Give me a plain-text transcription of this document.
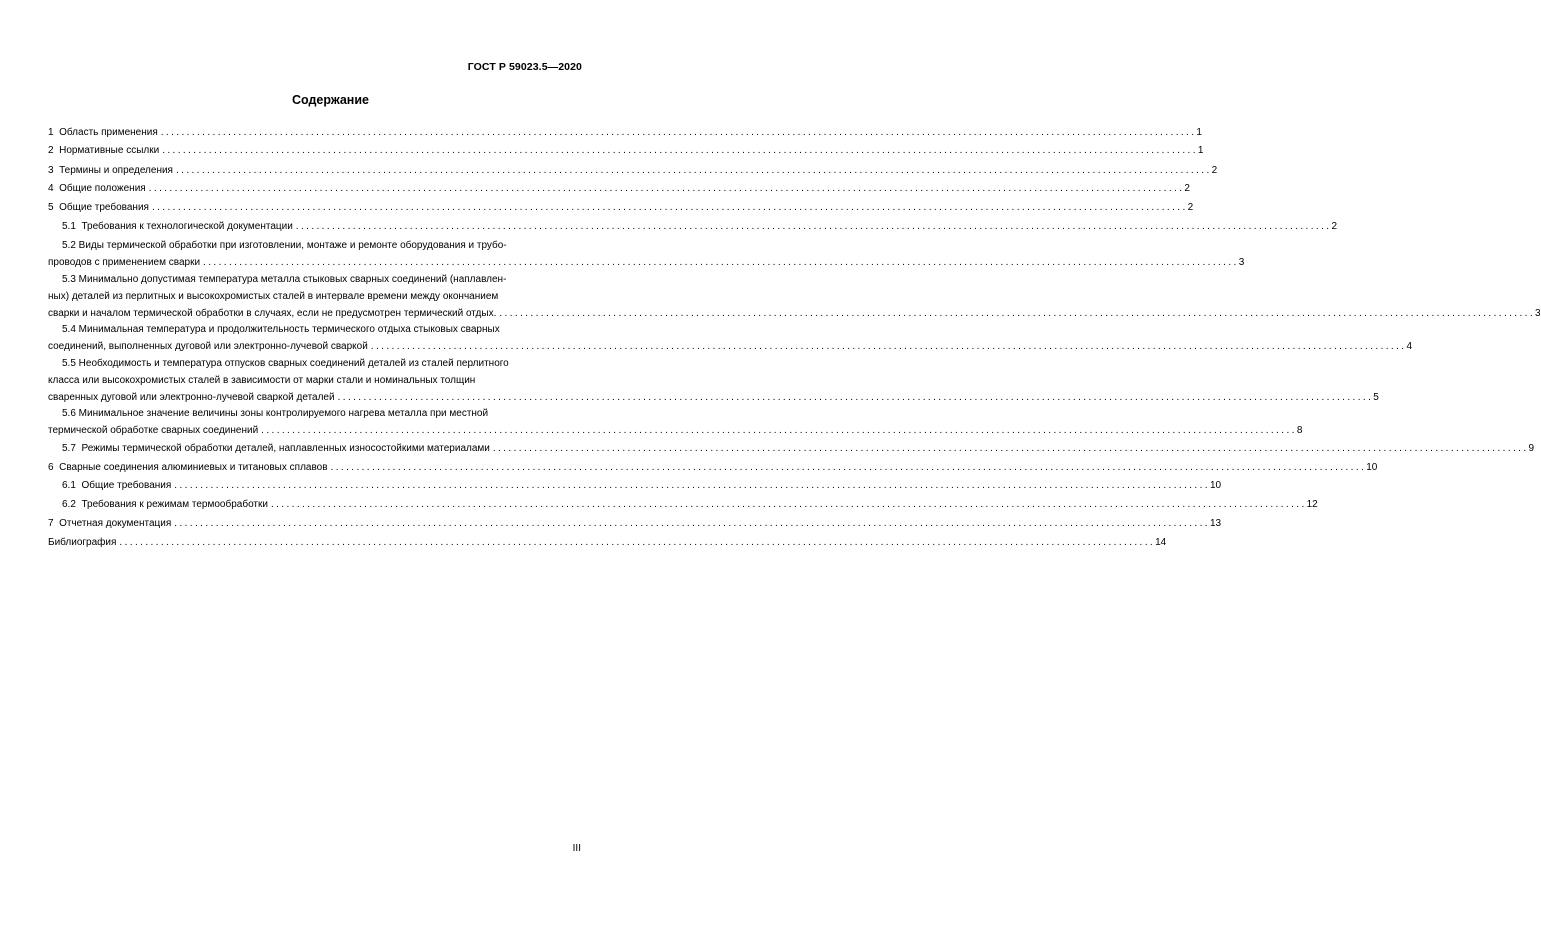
ГОСТ Р 59023.5—2020
Содержание
1  Область применения ........................................................................................................................................................................................................ 1
2  Нормативные ссылки ........................................................................................................................................................................................................ 1
3  Термины и определения ........................................................................................................................................................................................................ 2
4  Общие положения ........................................................................................................................................................................................................ 2
5  Общие требования ........................................................................................................................................................................................................ 2
5.1  Требования к технологической документации ........................................................................................................................................................................................................ 2
5.2 Виды термической обработки при изготовлении, монтаже и ремонте оборудования и трубо-
проводов с применением сварки ........................................................................................................................................................................................................ 3
5.3 Минимально допустимая температура металла стыковых сварных соединений (наплавлен-
ных) деталей из перлитных и высокохромистых сталей в интервале времени между окончанием
сварки и началом термической обработки в случаях, если не предусмотрен термический отдых. ........................................................................................................................................................................................................ 3
5.4 Минимальная температура и продолжительность термического отдыха стыковых сварных
соединений, выполненных дуговой или электронно-лучевой сваркой ........................................................................................................................................................................................................ 4
5.5 Необходимость и температура отпусков сварных соединений деталей из сталей перлитного
класса или высокохромистых сталей в зависимости от марки стали и номинальных толщин
сваренных дуговой или электронно-лучевой сваркой деталей ........................................................................................................................................................................................................ 5
5.6 Минимальное значение величины зоны контролируемого нагрева металла при местной
термической обработке сварных соединений ........................................................................................................................................................................................................ 8
5.7  Режимы термической обработки деталей, наплавленных износостойкими материалами ........................................................................................................................................................................................................ 9
6  Сварные соединения алюминиевых и титановых сплавов ........................................................................................................................................................................................................ 10
6.1  Общие требования ........................................................................................................................................................................................................ 10
6.2  Требования к режимам термообработки ........................................................................................................................................................................................................ 12
7  Отчетная документация ........................................................................................................................................................................................................ 13
Библиография ........................................................................................................................................................................................................ 14
III
